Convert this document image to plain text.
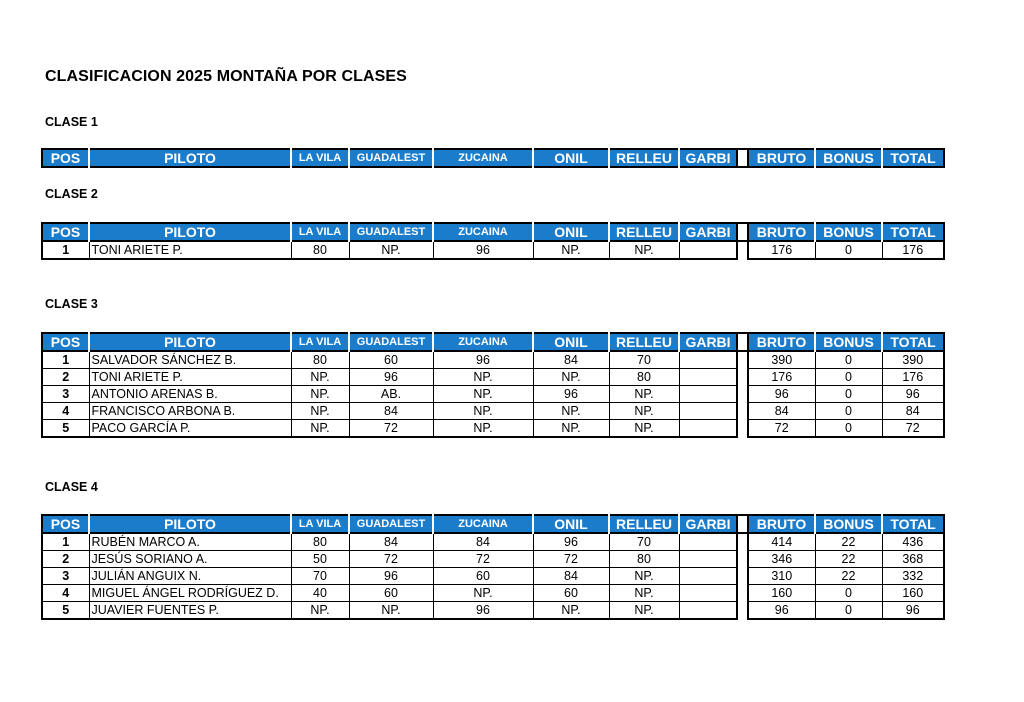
CLASIFICACION 2025 MONTAÑA POR CLASES
CLASE 1
POS	PILOTO	LA VILA	GUADALEST	ZUCAINA	ONIL	RELLEU	GARBI		BRUTO	BONUS	TOTAL
CLASE 2
POS	PILOTO	LA VILA	GUADALEST	ZUCAINA	ONIL	RELLEU	GARBI		BRUTO	BONUS	TOTAL
1	TONI ARIETE P.	80	NP.	96	NP.	NP.			176	0	176
CLASE 3
POS	PILOTO	LA VILA	GUADALEST	ZUCAINA	ONIL	RELLEU	GARBI		BRUTO	BONUS	TOTAL
1	SALVADOR SÁNCHEZ B.	80	60	96	84	70			390	0	390
2	TONI ARIETE P.	NP.	96	NP.	NP.	80			176	0	176
3	ANTONIO ARENAS B.	NP.	AB.	NP.	96	NP.			96	0	96
4	FRANCISCO ARBONA B.	NP.	84	NP.	NP.	NP.			84	0	84
5	PACO GARCÍA P.	NP.	72	NP.	NP.	NP.			72	0	72
CLASE 4
POS	PILOTO	LA VILA	GUADALEST	ZUCAINA	ONIL	RELLEU	GARBI		BRUTO	BONUS	TOTAL
1	RUBÉN MARCO A.	80	84	84	96	70			414	22	436
2	JESÚS SORIANO A.	50	72	72	72	80			346	22	368
3	JULIÁN ANGUIX N.	70	96	60	84	NP.			310	22	332
4	MIGUEL ÁNGEL RODRÍGUEZ D.	40	60	NP.	60	NP.			160	0	160
5	JUAVIER FUENTES P.	NP.	NP.	96	NP.	NP.			96	0	96
